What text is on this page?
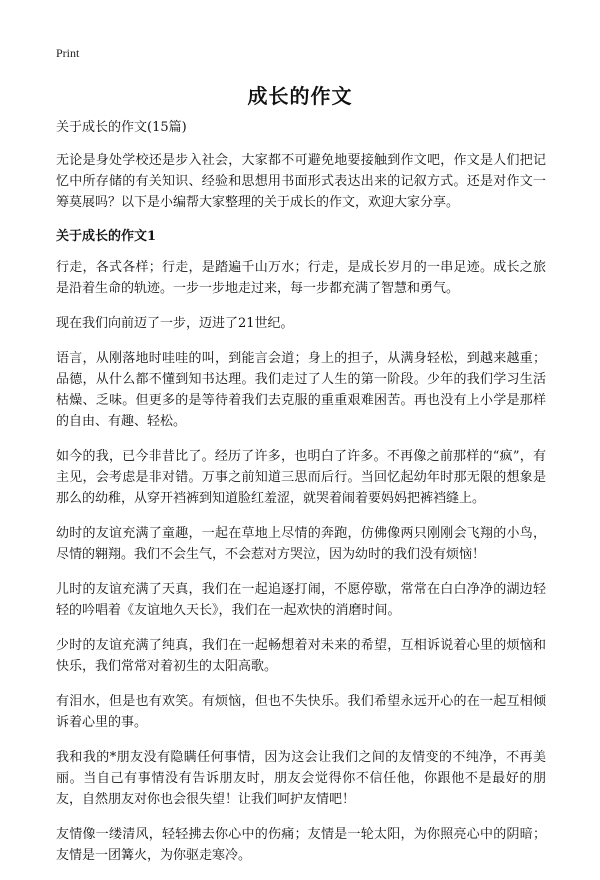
Print
成长的作文
关于成长的作文(15篇)

无论是身处学校还是步入社会，大家都不可避免地要接触到作文吧，作文是人们把记忆中所存储的有关知识、经验和思想用书面形式表达出来的记叙方式。还是对作文一筹莫展吗？以下是小编帮大家整理的关于成长的作文，欢迎大家分享。

关于成长的作文1

行走，各式各样；行走，是踏遍千山万水；行走，是成长岁月的一串足迹。成长之旅是沿着生命的轨迹。一步一步地走过来，每一步都充满了智慧和勇气。

现在我们向前迈了一步，迈进了21世纪。

语言，从刚落地时哇哇的叫，到能言会道；身上的担子，从满身轻松，到越来越重；品德，从什么都不懂到知书达理。我们走过了人生的第一阶段。少年的我们学习生活枯燥、乏味。但更多的是等待着我们去克服的重重艰难困苦。再也没有上小学是那样的自由、有趣、轻松。

如今的我，已今非昔比了。经历了许多，也明白了许多。不再像之前那样的“疯”，有主见，会考虑是非对错。万事之前知道三思而后行。当回忆起幼年时那无限的想象是那么的幼稚，从穿开裆裤到知道脸红羞涩，就哭着闹着要妈妈把裤裆缝上。

幼时的友谊充满了童趣，一起在草地上尽情的奔跑，仿佛像两只刚刚会飞翔的小鸟，尽情的翱翔。我们不会生气，不会惹对方哭泣，因为幼时的我们没有烦恼！

儿时的友谊充满了天真，我们在一起追逐打闹，不愿停歇，常常在白白净净的湖边轻轻的吟唱着《友谊地久天长》，我们在一起欢快的消磨时间。

少时的友谊充满了纯真，我们在一起畅想着对未来的希望，互相诉说着心里的烦恼和快乐，我们常常对着初生的太阳高歌。

有泪水，但是也有欢笑。有烦恼，但也不失快乐。我们希望永远开心的在一起互相倾诉着心里的事。

我和我的*朋友没有隐瞒任何事情，因为这会让我们之间的友情变的不纯净，不再美丽。当自己有事情没有告诉朋友时，朋友会觉得你不信任他，你跟他不是最好的朋友，自然朋友对你也会很失望！让我们呵护友情吧！

友情像一缕清风，轻轻拂去你心中的伤痛；友情是一轮太阳，为你照亮心中的阴暗；友情是一团篝火，为你驱走寒冷。
